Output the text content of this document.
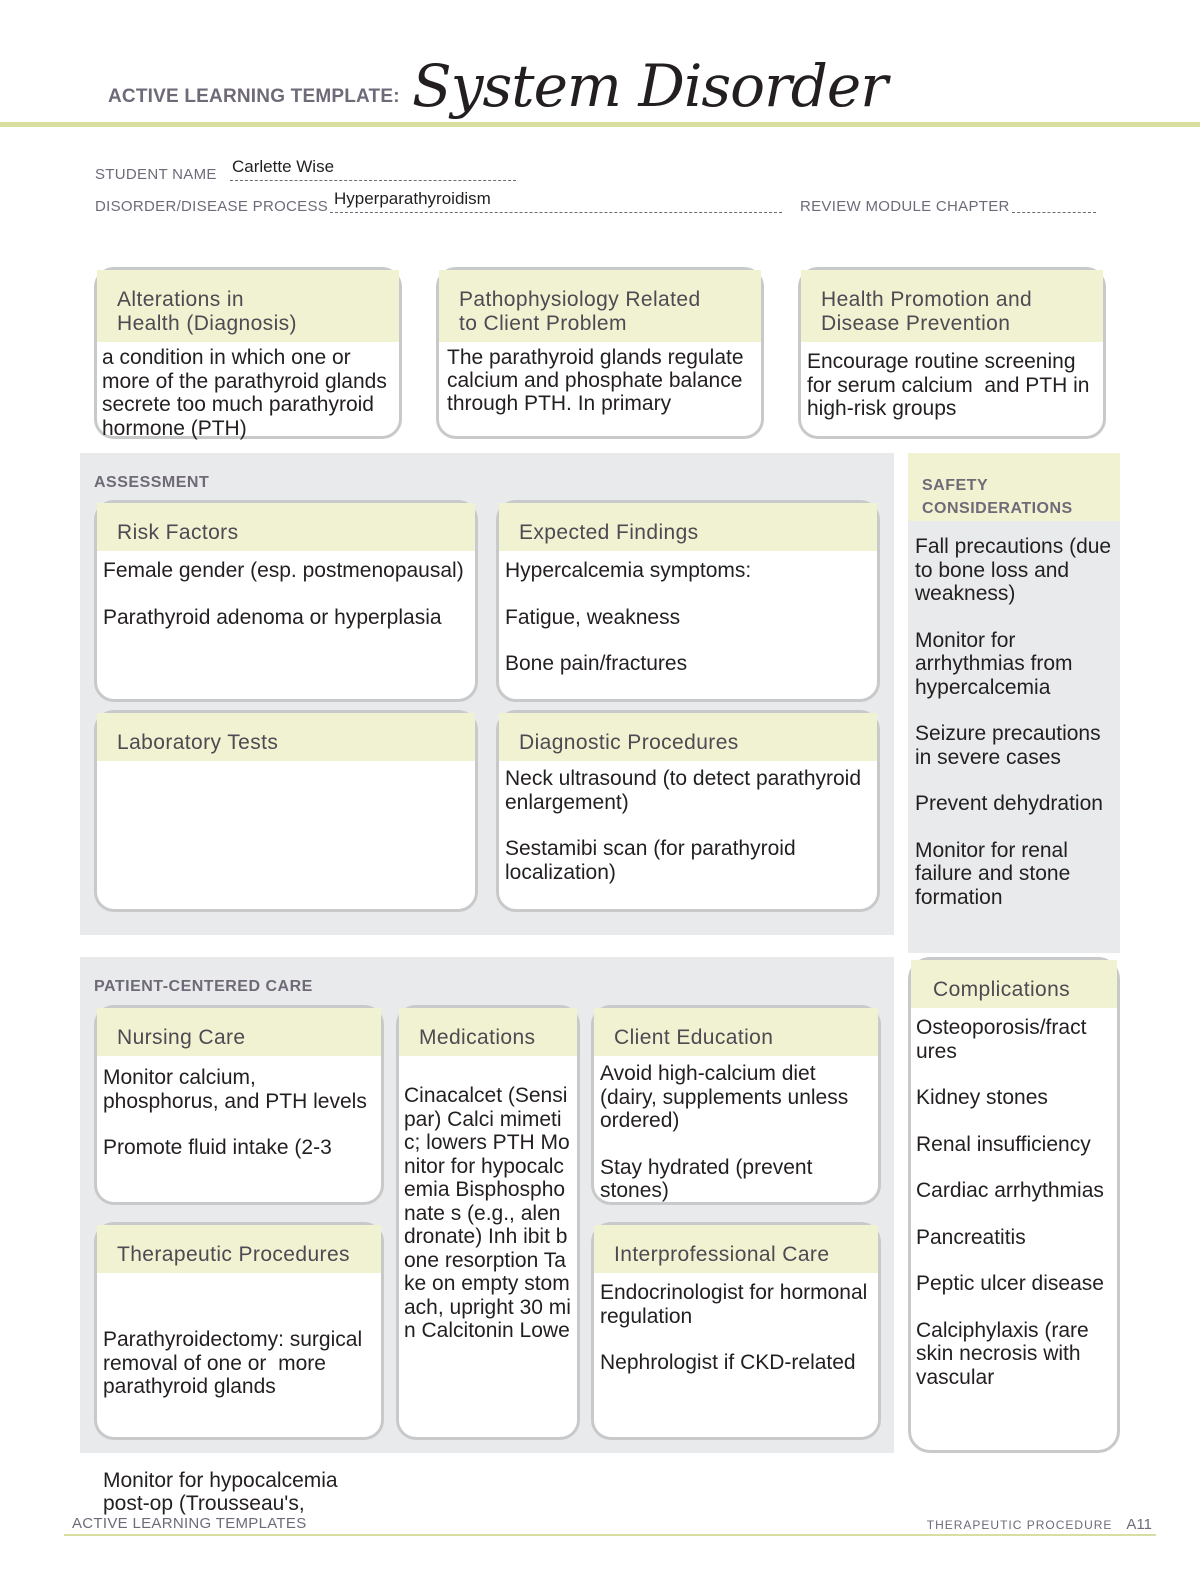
ACTIVE LEARNING TEMPLATE: System Disorder
STUDENT NAME Carlette Wise
DISORDER/DISEASE PROCESS Hyperparathyroidism	REVIEW MODULE CHAPTER
Alterations in
Health (Diagnosis)

a condition in which one or more of the parathyroid glands secrete too much parathyroid hormone (PTH)

Pathophysiology Related
to Client Problem

The parathyroid glands regulate calcium and phosphate balance through PTH. In primary

Health Promotion and
Disease Prevention

Encourage routine screening for serum calcium  and PTH in high-risk groups

ASSESSMENT
Risk Factors

Female gender (esp. postmenopausal)

Parathyroid adenoma or hyperplasia

Expected Findings

Hypercalcemia symptoms:

Fatigue, weakness

Bone pain/fractures

Laboratory Tests	Diagnostic Procedures

Neck ultrasound (to detect parathyroid enlargement)

Sestamibi scan (for parathyroid localization)

SAFETY
CONSIDERATIONS

Fall precautions (due to bone loss and weakness)

Monitor for arrhythmias from hypercalcemia

Seizure precautions in severe cases

Prevent dehydration

Monitor for renal failure and stone formation

PATIENT-CENTERED CARE
Nursing Care

Monitor calcium, phosphorus, and PTH levels

Promote fluid intake (2-3

Medications

Cinacalcet (Sensipar) Calci mimetic; lowers PTH Monitor for hypocalcemia Bisphosphonate s (e.g., alendronate) Inh ibit bone resorption Take on empty stomach, upright 30 min Calcitonin Lowe

Client Education

Avoid high-calcium diet (dairy, supplements unless ordered)

Stay hydrated (prevent stones)

Therapeutic Procedures

Parathyroidectomy: surgical removal of one or  more parathyroid glands

Monitor for hypocalcemia post-op (Trousseau's,

Interprofessional Care

Endocrinologist for hormonal regulation

Nephrologist if CKD-related

Complications

Osteoporosis/fract ures

Kidney stones

Renal insufficiency

Cardiac arrhythmias

Pancreatitis

Peptic ulcer disease

Calciphylaxis (rare skin necrosis with vascular

ACTIVE LEARNING TEMPLATES	THERAPEUTIC PROCEDURE A11
